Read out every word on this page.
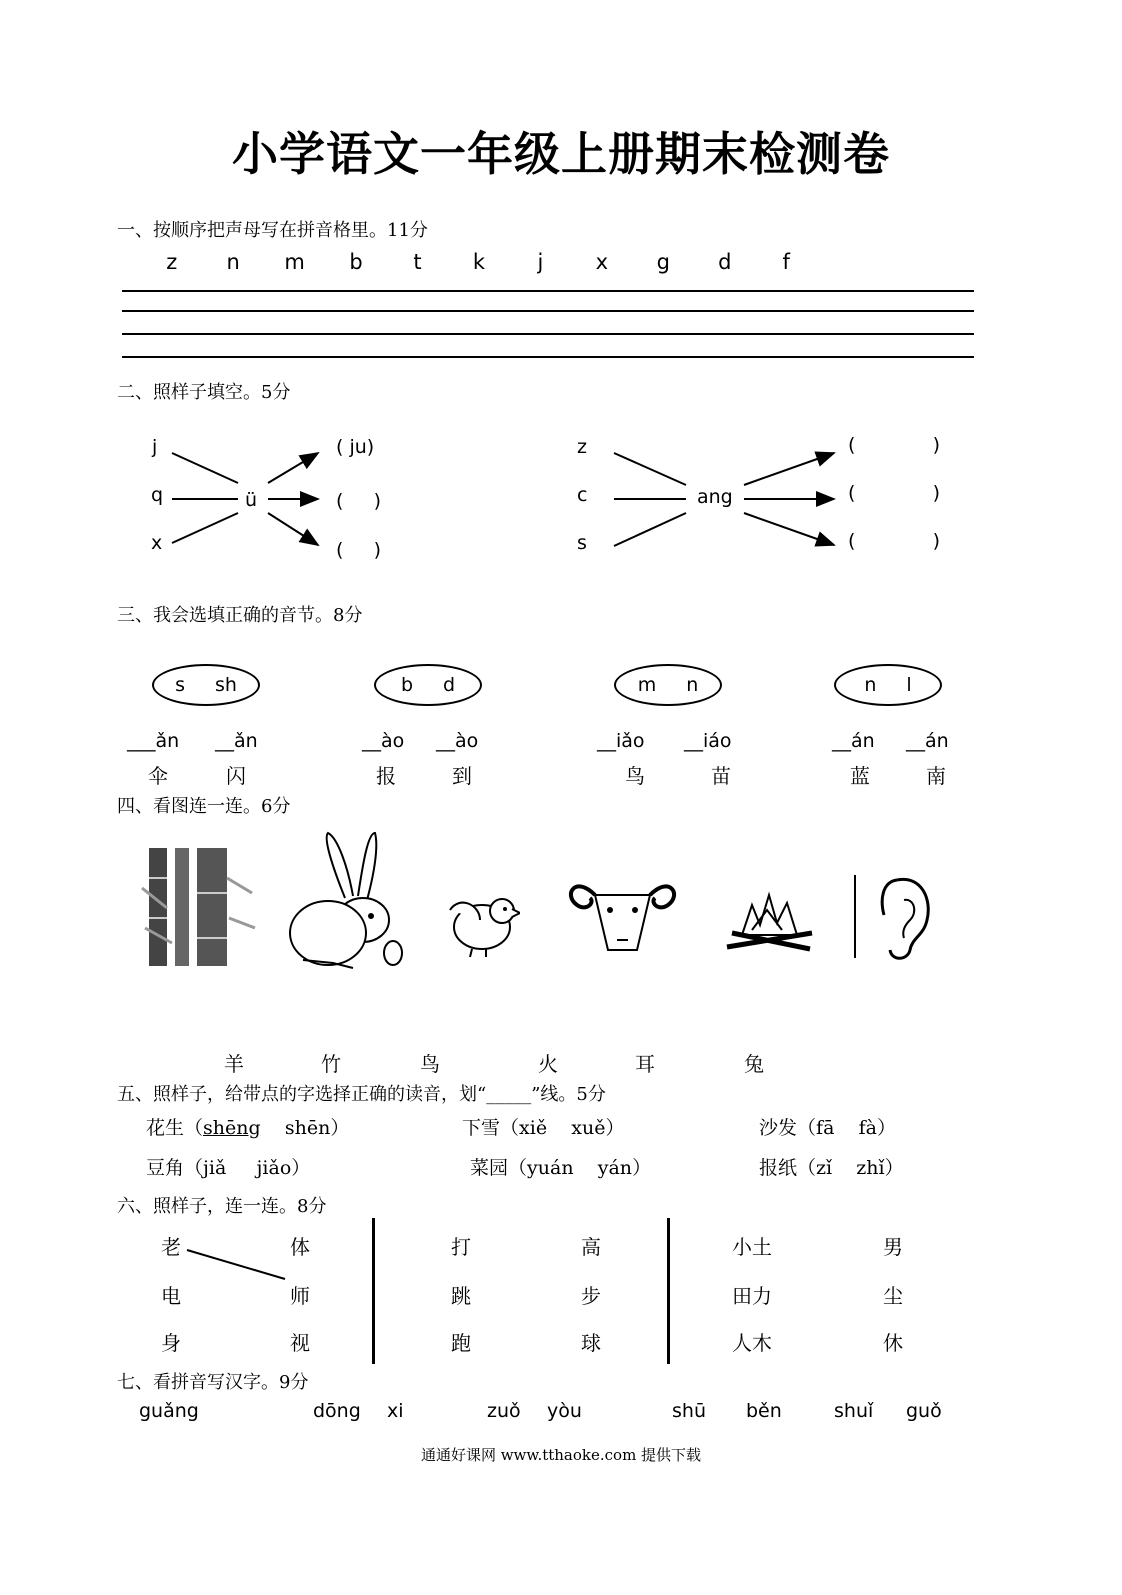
小学语文一年级上册期末检测卷
一、按顺序把声母写在拼音格里。11分
z	n	m	b	t	k	j	x	g	d	f
二、照样子填空。5分
j
q
x
ü
( ju)
(     )
(     )
z
c
s
ang
(	)
(	)
(	)
三、我会选填正确的音节。8分
s sh	b d	m n	n l
___ǎn __ǎn	__ào __ào	__iǎo __iáo	__án __án
伞	闪	报	到	鸟	苗	蓝	南
四、看图连一连。6分
羊	竹	鸟	火	耳	兔
五、照样子，给带点的字选择正确的读音，划“_____”线。5分
花生（shēng shēn）	下雪（xiě xuě）	沙发（fā fà）
豆角（jiǎ jiǎo）	菜园（yuán yán）	报纸（zǐ zhǐ）
六、照样子，连一连。8分
老
电
身
体
师
视
打
跳
跑
高
步
球
小土
田力
人木
男
尘
休
七、看拼音写汉字。9分
guǎng	dōng xi	zuǒ yòu	shū běn	shuǐ guǒ
通通好课网 www.tthaoke.com 提供下载
